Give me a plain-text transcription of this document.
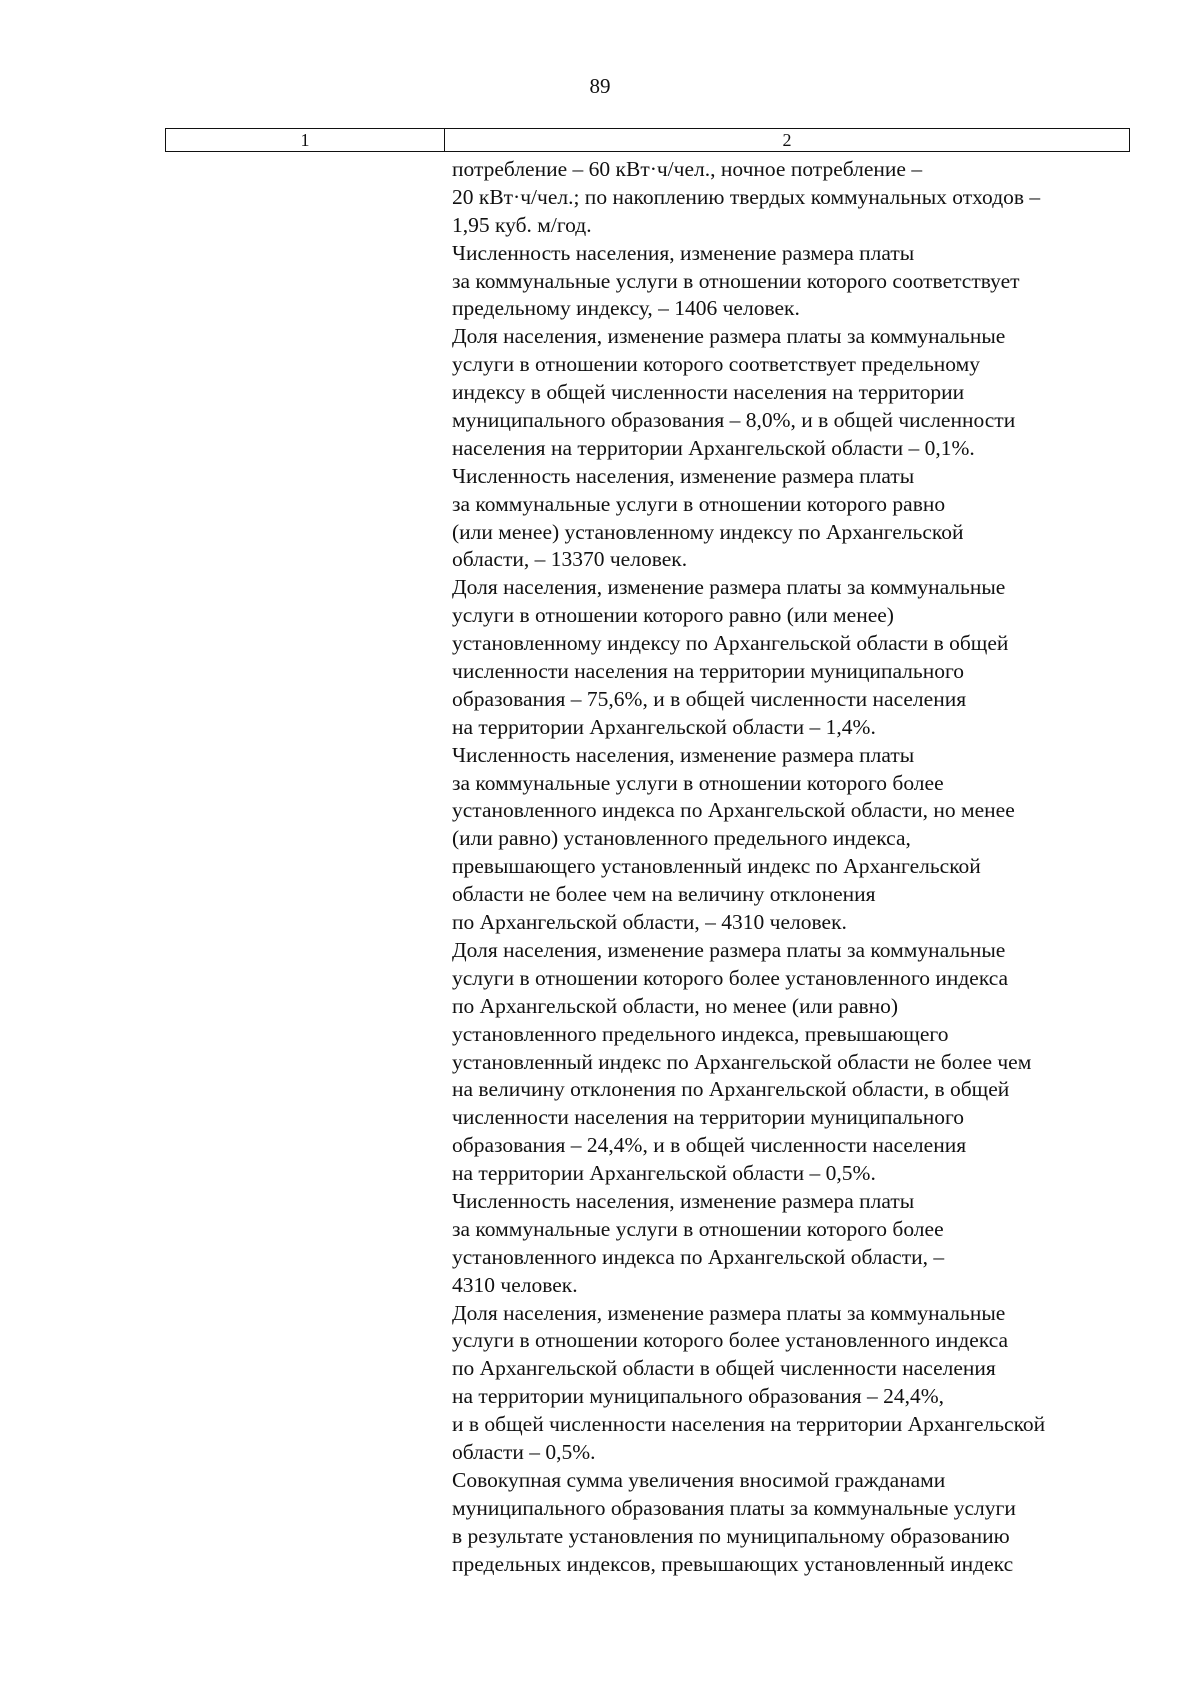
89
1	2
потребление – 60 кВт·ч/чел., ночное потребление –
20 кВт·ч/чел.; по накоплению твердых коммунальных отходов –
1,95 куб. м/год.
Численность населения, изменение размера платы
за коммунальные услуги в отношении которого соответствует
предельному индексу, – 1406 человек.
Доля населения, изменение размера платы за коммунальные
услуги в отношении которого соответствует предельному
индексу в общей численности населения на территории
муниципального образования – 8,0%, и в общей численности
населения на территории Архангельской области – 0,1%.
Численность населения, изменение размера платы
за коммунальные услуги в отношении которого равно
(или менее) установленному индексу по Архангельской
области, – 13370 человек.
Доля населения, изменение размера платы за коммунальные
услуги в отношении которого равно (или менее)
установленному индексу по Архангельской области в общей
численности населения на территории муниципального
образования – 75,6%, и в общей численности населения
на территории Архангельской области – 1,4%.
Численность населения, изменение размера платы
за коммунальные услуги в отношении которого более
установленного индекса по Архангельской области, но менее
(или равно) установленного предельного индекса,
превышающего установленный индекс по Архангельской
области не более чем на величину отклонения
по Архангельской области, – 4310 человек.
Доля населения, изменение размера платы за коммунальные
услуги в отношении которого более установленного индекса
по Архангельской области, но менее (или равно)
установленного предельного индекса, превышающего
установленный индекс по Архангельской области не более чем
на величину отклонения по Архангельской области, в общей
численности населения на территории муниципального
образования – 24,4%, и в общей численности населения
на территории Архангельской области – 0,5%.
Численность населения, изменение размера платы
за коммунальные услуги в отношении которого более
установленного индекса по Архангельской области, –
4310 человек.
Доля населения, изменение размера платы за коммунальные
услуги в отношении которого более установленного индекса
по Архангельской области в общей численности населения
на территории муниципального образования – 24,4%,
и в общей численности населения на территории Архангельской
области – 0,5%.
Совокупная сумма увеличения вносимой гражданами
муниципального образования платы за коммунальные услуги
в результате установления по муниципальному образованию
предельных индексов, превышающих установленный индекс
